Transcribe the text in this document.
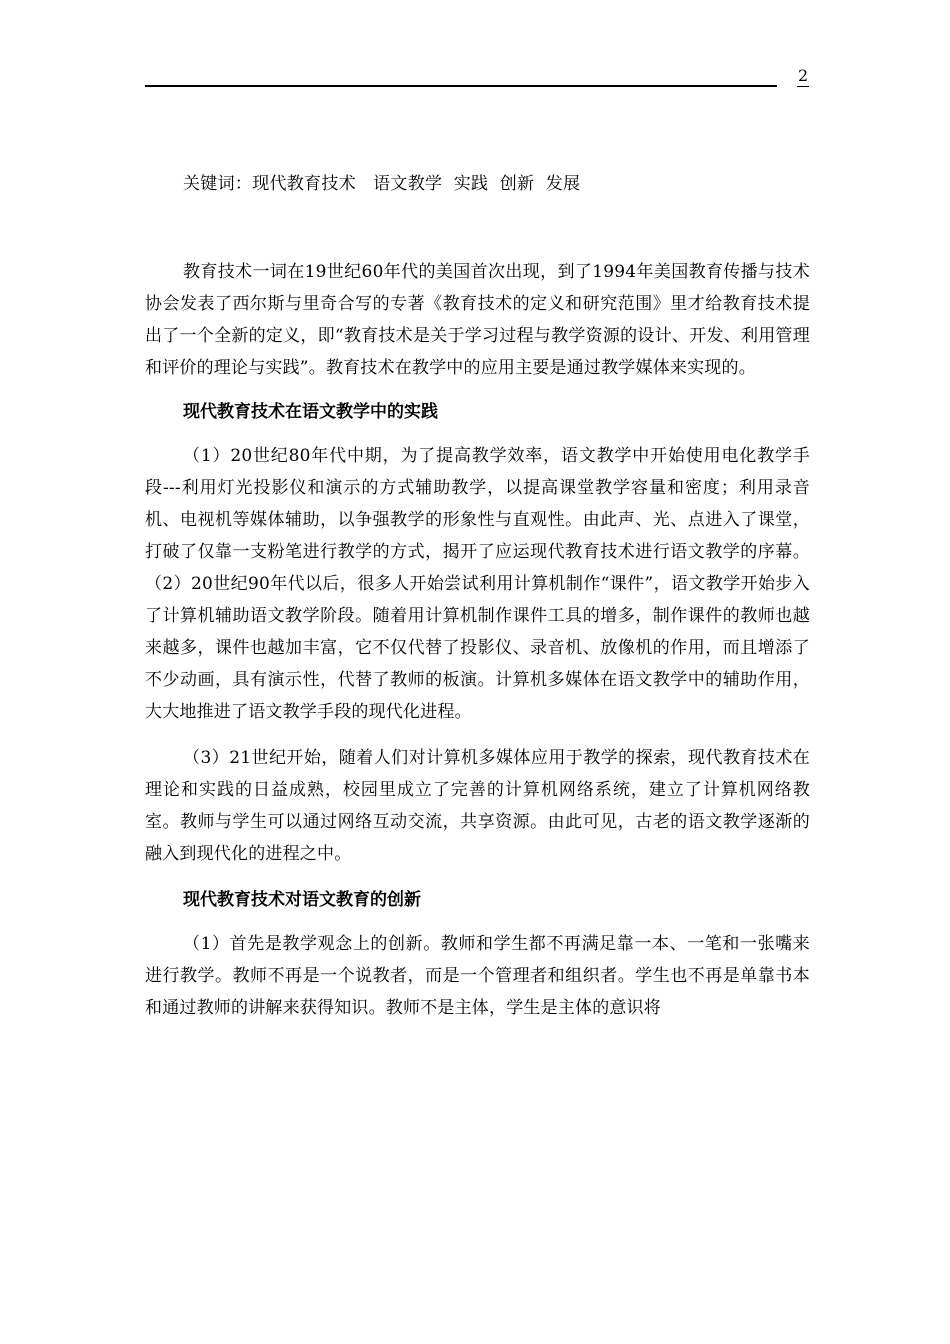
2
关键词：现代教育技术   语文教学  实践  创新  发展

教育技术一词在19世纪60年代的美国首次出现，到了1994年美国教育传播与技术协会发表了西尔斯与里奇合写的专著《教育技术的定义和研究范围》里才给教育技术提出了一个全新的定义，即“教育技术是关于学习过程与教学资源的设计、开发、利用管理和评价的理论与实践”。教育技术在教学中的应用主要是通过教学媒体来实现的。

现代教育技术在语文教学中的实践

（1）20世纪80年代中期，为了提高教学效率，语文教学中开始使用电化教学手段---利用灯光投影仪和演示的方式辅助教学，以提高课堂教学容量和密度；利用录音机、电视机等媒体辅助，以争强教学的形象性与直观性。由此声、光、点进入了课堂，打破了仅靠一支粉笔进行教学的方式，揭开了应运现代教育技术进行语文教学的序幕。（2）20世纪90年代以后，很多人开始尝试利用计算机制作“课件”，语文教学开始步入了计算机辅助语文教学阶段。随着用计算机制作课件工具的增多，制作课件的教师也越来越多，课件也越加丰富，它不仅代替了投影仪、录音机、放像机的作用，而且增添了不少动画，具有演示性，代替了教师的板演。计算机多媒体在语文教学中的辅助作用，大大地推进了语文教学手段的现代化进程。

（3）21世纪开始，随着人们对计算机多媒体应用于教学的探索，现代教育技术在理论和实践的日益成熟，校园里成立了完善的计算机网络系统，建立了计算机网络教室。教师与学生可以通过网络互动交流，共享资源。由此可见，古老的语文教学逐渐的融入到现代化的进程之中。

现代教育技术对语文教育的创新

（1）首先是教学观念上的创新。教师和学生都不再满足靠一本、一笔和一张嘴来进行教学。教师不再是一个说教者，而是一个管理者和组织者。学生也不再是单靠书本和通过教师的讲解来获得知识。教师不是主体，学生是主体的意识将
